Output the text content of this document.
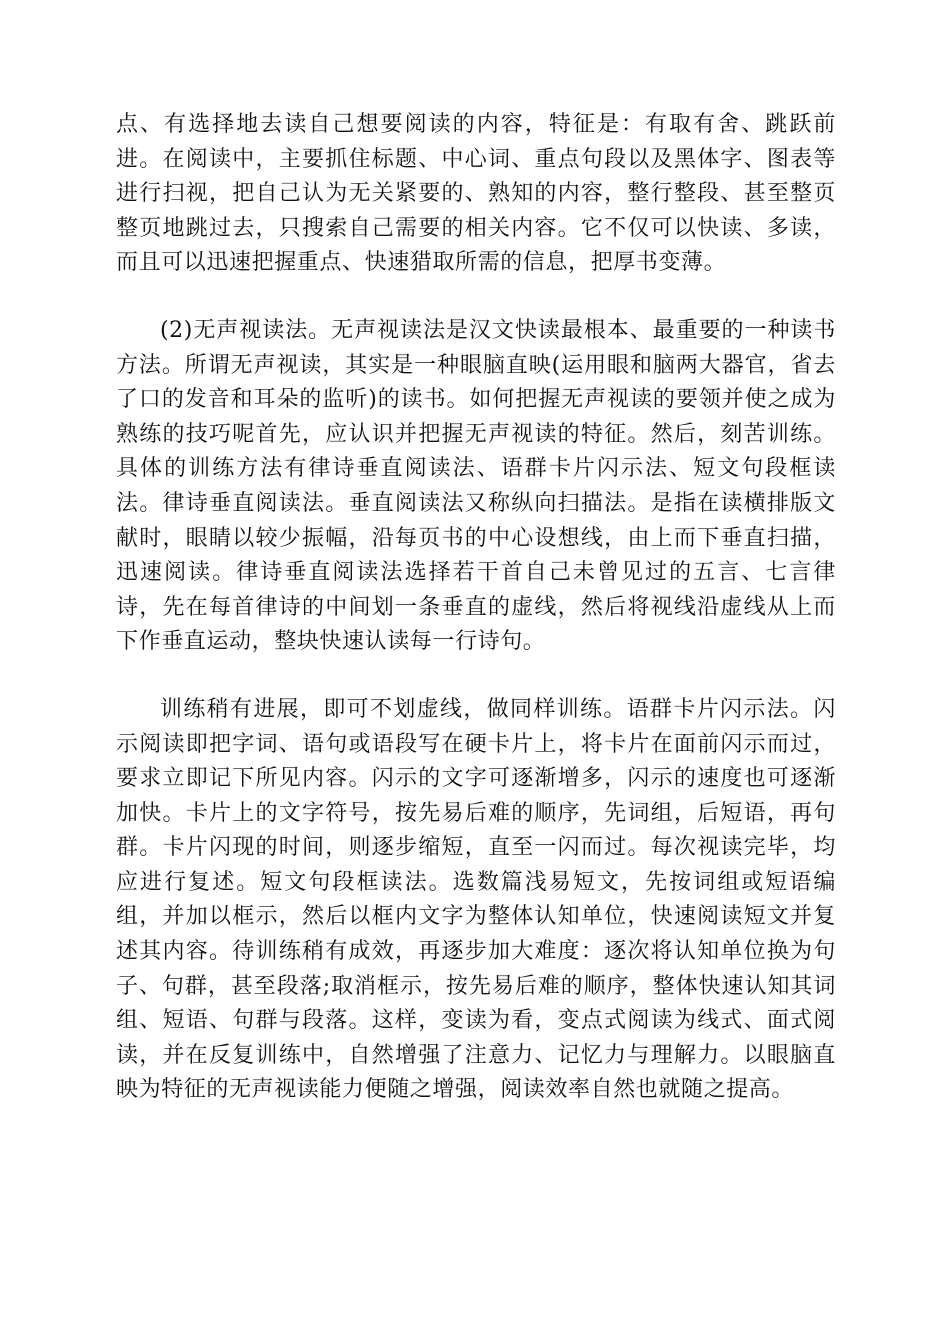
点、有选择地去读自己想要阅读的内容，特征是：有取有舍、跳跃前进。在阅读中，主要抓住标题、中心词、重点句段以及黑体字、图表等进行扫视，把自己认为无关紧要的、熟知的内容，整行整段、甚至整页整页地跳过去，只搜索自己需要的相关内容。它不仅可以快读、多读，而且可以迅速把握重点、快速猎取所需的信息，把厚书变薄。

(2)无声视读法。无声视读法是汉文快读最根本、最重要的一种读书方法。所谓无声视读，其实是一种眼脑直映(运用眼和脑两大器官，省去了口的发音和耳朵的监听)的读书。如何把握无声视读的要领并使之成为熟练的技巧呢首先，应认识并把握无声视读的特征。然后，刻苦训练。具体的训练方法有律诗垂直阅读法、语群卡片闪示法、短文句段框读法。律诗垂直阅读法。垂直阅读法又称纵向扫描法。是指在读横排版文献时，眼睛以较少振幅，沿每页书的中心设想线，由上而下垂直扫描，迅速阅读。律诗垂直阅读法选择若干首自己未曾见过的五言、七言律诗，先在每首律诗的中间划一条垂直的虚线，然后将视线沿虚线从上而下作垂直运动，整块快速认读每一行诗句。

训练稍有进展，即可不划虚线，做同样训练。语群卡片闪示法。闪示阅读即把字词、语句或语段写在硬卡片上，将卡片在面前闪示而过，要求立即记下所见内容。闪示的文字可逐渐增多，闪示的速度也可逐渐加快。卡片上的文字符号，按先易后难的顺序，先词组，后短语，再句群。卡片闪现的时间，则逐步缩短，直至一闪而过。每次视读完毕，均应进行复述。短文句段框读法。选数篇浅易短文，先按词组或短语编组，并加以框示，然后以框内文字为整体认知单位，快速阅读短文并复述其内容。待训练稍有成效，再逐步加大难度：逐次将认知单位换为句子、句群，甚至段落;取消框示，按先易后难的顺序，整体快速认知其词组、短语、句群与段落。这样，变读为看，变点式阅读为线式、面式阅读，并在反复训练中，自然增强了注意力、记忆力与理解力。以眼脑直映为特征的无声视读能力便随之增强，阅读效率自然也就随之提高。
